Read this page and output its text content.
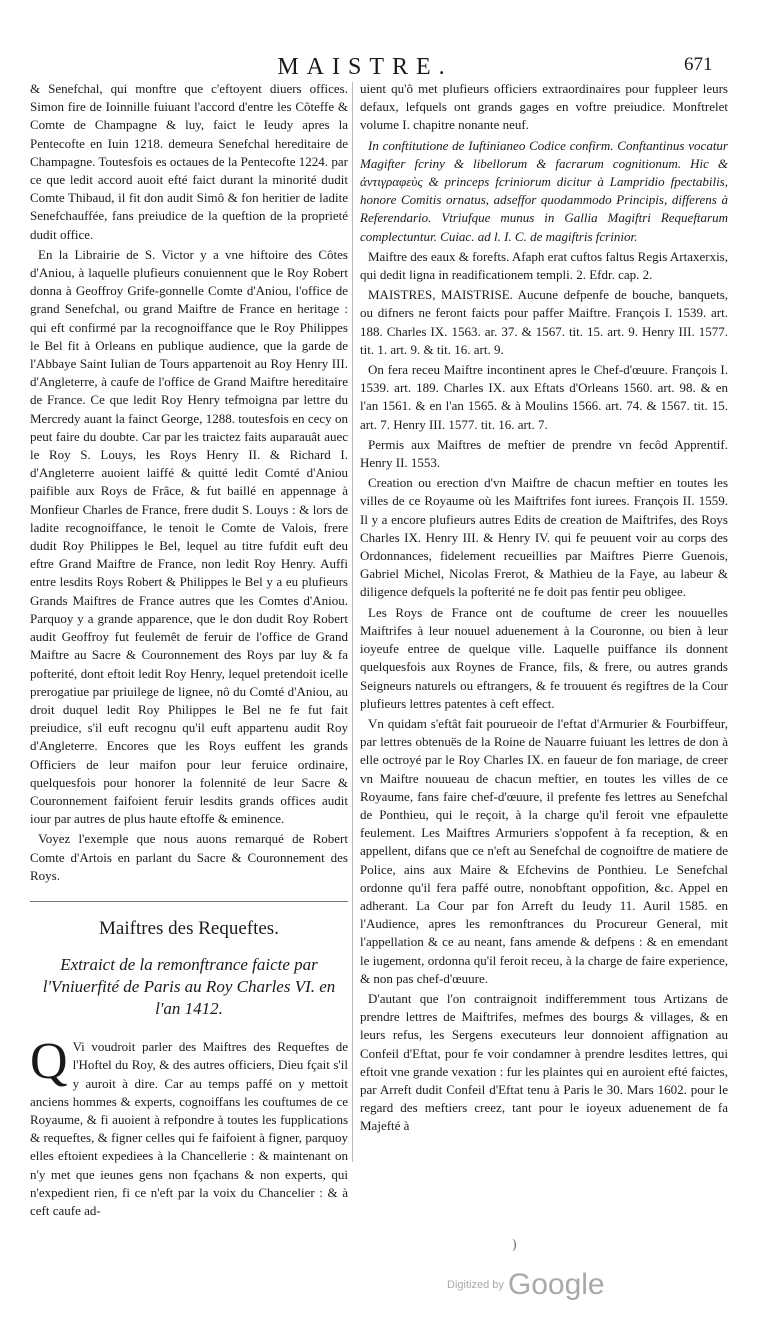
MAISTRE.	671

& Senefchal, qui monftre que c'eftoyent diuers offices. Simon fire de Ioinnille fuiuant l'accord d'entre les Côteffe & Comte de Champagne & luy, faict le Ieudy apres la Pentecofte en Iuin 1218. demeura Senefchal hereditaire de Champagne. Toutesfois es octaues de la Pentecofte 1224. par ce que ledit accord auoit efté faict durant la minorité dudit Comte Thibaud, il fit don audit Simô & fon heritier de ladite Senefchauffée, fans preiudice de la queftion de la proprieté dudit office.

En la Librairie de S. Victor y a vne hiftoire des Côtes d'Aniou, à laquelle plufieurs conuiennent que le Roy Robert donna à Geoffroy Grife-gonnelle Comte d'Aniou, l'office de grand Senefchal, ou grand Maiftre de France en heritage : qui eft confirmé par la recognoiffance que le Roy Philippes le Bel fit à Orleans en publique audience, que la garde de l'Abbaye Saint Iulian de Tours appartenoit au Roy Henry III. d'Angleterre, à caufe de l'office de Grand Maiftre hereditaire de France. Ce que ledit Roy Henry tefmoigna par lettre du Mercredy auant la fainct George, 1288. toutesfois en cecy on peut faire du doubte. Car par les traictez faits auparauât auec le Roy S. Louys, les Roys Henry II. & Richard I. d'Angleterre auoient laiffé & quitté ledit Comté d'Aniou paifible aux Roys de Frâce, & fut baillé en appennage à Monfieur Charles de France, frere dudit S. Louys : & lors de ladite recognoiffance, le tenoit le Comte de Valois, frere dudit Roy Philippes le Bel, lequel au titre fufdit euft deu eftre Grand Maiftre de France, non ledit Roy Henry. Auffi entre lesdits Roys Robert & Philippes le Bel y a eu plufieurs Grands Maiftres de France autres que les Comtes d'Aniou. Parquoy y a grande apparence, que le don dudit Roy Robert audit Geoffroy fut feulemêt de feruir de l'office de Grand Maiftre au Sacre & Couronnement des Roys par luy & fa pofterité, dont eftoit ledit Roy Henry, lequel pretendoit icelle prerogatiue par priuilege de lignee, nô du Comté d'Aniou, au droit duquel ledit Roy Philippes le Bel ne fe fut fait preiudice, s'il euft recognu qu'il euft appartenu audit Roy d'Angleterre. Encores que les Roys euffent les grands Officiers de leur maifon pour leur feruice ordinaire, quelquesfois pour honorer la folennité de leur Sacre & Couronnement faifoient feruir lesdits grands offices audit iour par autres de plus haute eftoffe & eminence.

Voyez l'exemple que nous auons remarqué de Robert Comte d'Artois en parlant du Sacre & Couronnement des Roys.

Maiftres des Requeftes.
Extraict de la remonftrance faicte par l'Vniuerfité de Paris au Roy Charles VI. en l'an 1412.

Q Vi voudroit parler des Maiftres des Requeftes de l'Hoftel du Roy, & des autres officiers, Dieu fçait s'il y auroit à dire. Car au temps paffé on y mettoit anciens hommes & experts, cognoiffans les couftumes de ce Royaume, & fi auoient à refpondre à toutes les fupplications & requeftes, & figner celles qui fe faifoient à figner, parquoy elles eftoient expediees à la Chancellerie : & maintenant on n'y met que ieunes gens non fçachans & non experts, qui n'expedient rien, fi ce n'eft par la voix du Chancelier : & à ceft caufe ad-

uient qu'ô met plufieurs officiers extraordinaires pour fuppleer leurs defaux, lefquels ont grands gages en voftre preiudice. Monftrelet volume I. chapitre nonante neuf.

In conftitutione de Iuftinianeo Codice confirm. Conftantinus vocatur Magifter fcriny & libellorum & facrarum cognitionum. Hic & ἀντιγραφεὺς & princeps fcriniorum dicitur à Lampridio fpectabilis, honore Comitis ornatus, adseffor quodammodo Principis, differens à Referendario. Vtriufque munus in Gallia Magiftri Requeftarum complectuntur. Cuiac. ad l. I. C. de magiftris fcrinior.

Maiftre des eaux & forefts. Afaph erat cuftos faltus Regis Artaxerxis, qui dedit ligna in readificationem templi. 2. Efdr. cap. 2.

MAISTRES, MAISTRISE. Aucune defpenfe de bouche, banquets, ou difners ne feront faicts pour paffer Maiftre. François I. 1539. art. 188. Charles IX. 1563. ar. 37. & 1567. tit. 15. art. 9. Henry III. 1577. tit. 1. art. 9. & tit. 16. art. 9.

On fera receu Maiftre incontinent apres le Chef-d'œuure. François I. 1539. art. 189. Charles IX. aux Eftats d'Orleans 1560. art. 98. & en l'an 1561. & en l'an 1565. & à Moulins 1566. art. 74. & 1567. tit. 15. art. 7. Henry III. 1577. tit. 16. art. 7.

Permis aux Maiftres de meftier de prendre vn fecôd Apprentif. Henry II. 1553.

Creation ou erection d'vn Maiftre de chacun meftier en toutes les villes de ce Royaume où les Maiftrifes font iurees. François II. 1559. Il y a encore plufieurs autres Edits de creation de Maiftrifes, des Roys Charles IX. Henry III. & Henry IV. qui fe peuuent voir au corps des Ordonnances, fidelement recueillies par Maiftres Pierre Guenois, Gabriel Michel, Nicolas Frerot, & Mathieu de la Faye, au labeur & diligence defquels la pofterité ne fe doit pas fentir peu obligee.

Les Roys de France ont de couftume de creer les nouuelles Maiftrifes à leur nouuel aduenement à la Couronne, ou bien à leur ioyeufe entree de quelque ville. Laquelle puiffance ils donnent quelquesfois aux Roynes de France, fils, & frere, ou autres grands Seigneurs naturels ou eftrangers, & fe trouuent és regiftres de la Cour plufieurs lettres patentes à ceft effect.

Vn quidam s'eftât fait pourueoir de l'eftat d'Armurier & Fourbiffeur, par lettres obtenuës de la Roine de Nauarre fuiuant les lettres de don à elle octroyé par le Roy Charles IX. en faueur de fon mariage, de creer vn Maiftre nouueau de chacun meftier, en toutes les villes de ce Royaume, fans faire chef-d'œuure, il prefente fes lettres au Senefchal de Ponthieu, qui le reçoit, à la charge qu'il feroit vne efpaulette feulement. Les Maiftres Armuriers s'oppofent à fa reception, & en appellent, difans que ce n'eft au Senefchal de cognoiftre de matiere de Police, ains aux Maire & Efchevins de Ponthieu. Le Senefchal ordonne qu'il fera paffé outre, nonobftant oppofition, &c. Appel en adherant. La Cour par fon Arreft du Ieudy 11. Auril 1585. en l'Audience, apres les remonftrances du Procureur General, mit l'appellation & ce au neant, fans amende & defpens : & en emendant le iugement, ordonna qu'il feroit receu, à la charge de faire experience, & non pas chef-d'œuure.

D'autant que l'on contraignoit indifferemment tous Artizans de prendre lettres de Maiftrifes, mefmes des bourgs & villages, & en leurs refus, les Sergens executeurs leur donnoient affignation au Confeil d'Eftat, pour fe voir condamner à prendre lesdites lettres, qui eftoit vne grande vexation : fur les plaintes qui en auroient efté faictes, par Arreft dudit Confeil d'Eftat tenu à Paris le 30. Mars 1602. pour le regard des meftiers creez, tant pour le ioyeux aduenement de fa Majefté à

)
$^{Digitized by}$ Google
